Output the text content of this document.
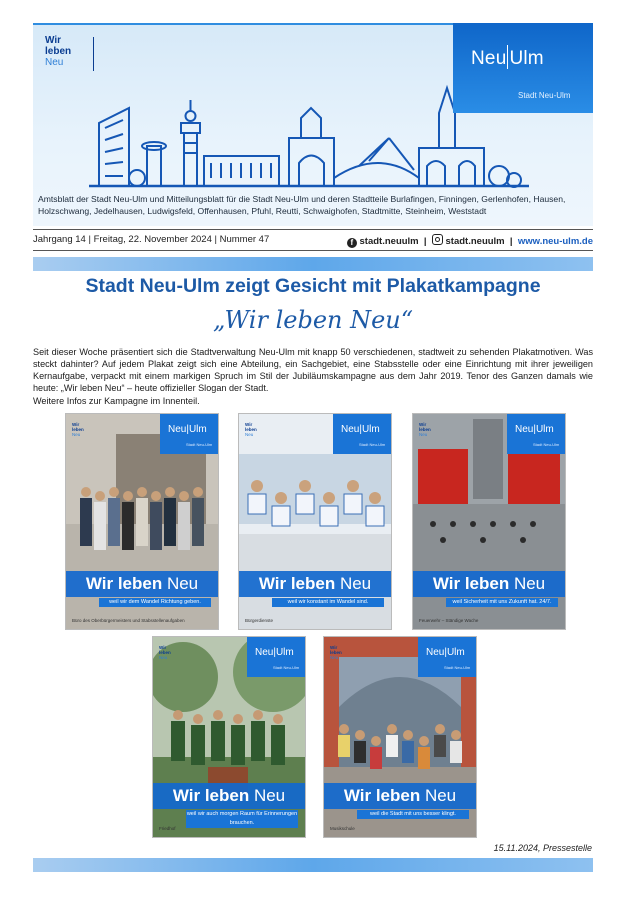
Wir
leben
Neu	Neu Ulm
Stadt Neu-Ulm
Amtsblatt der Stadt Neu-Ulm und Mitteilungsblatt für die Stadt Neu-Ulm und deren Stadtteile Burlafingen, Finningen, Gerlenhofen, Hausen, Holzschwang, Jedelhausen, Ludwigsfeld, Offenhausen, Pfuhl, Reutti, Schwaighofen, Stadtmitte, Steinheim, Weststadt
Jahrgang 14 | Freitag, 22. November 2024 | Nummer 47	f stadt.neuulm | stadt.neuulm | www.neu-ulm.de
Stadt Neu-Ulm zeigt Gesicht mit Plakatkampagne
„Wir leben Neu“
Seit dieser Woche präsentiert sich die Stadtverwaltung Neu-Ulm mit knapp 50 verschiedenen, stadtweit zu sehenden Plakatmotiven. Was steckt dahinter? Auf jedem Plakat zeigt sich eine Abteilung, ein Sachgebiet, eine Stabsstelle oder eine Einrichtung mit ihrer jeweiligen Kernaufgabe, verpackt mit einem markigen Spruch im Stil der Jubiläumskampagne aus dem Jahr 2019. Tenor des Ganzen damals wie heute: „Wir leben Neu“ – heute offizieller Slogan der Stadt.
Weitere Infos zur Kampagne im Innenteil.
Wir
leben
Neu	Neu|Ulm
Stadt Neu-Ulm
Wir leben Neu
weil wir dem Wandel Richtung geben.
Büro des Oberbürgermeisters und Stabsstellenaufgaben
Wir
leben
Neu	Neu|Ulm
Stadt Neu-Ulm
Wir leben Neu
weil wir konstant im Wandel sind.
Bürgerdienste
Wir
leben
Neu	Neu|Ulm
Stadt Neu-Ulm
Wir leben Neu
weil Sicherheit mit uns Zukunft hat. 24/7.
Feuerwehr – Ständige Wache
Wir
leben
Neu	Neu|Ulm
Stadt Neu-Ulm
Wir leben Neu
weil wir auch morgen Raum für Erinnerungen brauchen.
Friedhof
Wir
leben
Neu	Neu|Ulm
Stadt Neu-Ulm
Wir leben Neu
weil die Stadt mit uns besser klingt.
Musikschule
15.11.2024, Pressestelle
